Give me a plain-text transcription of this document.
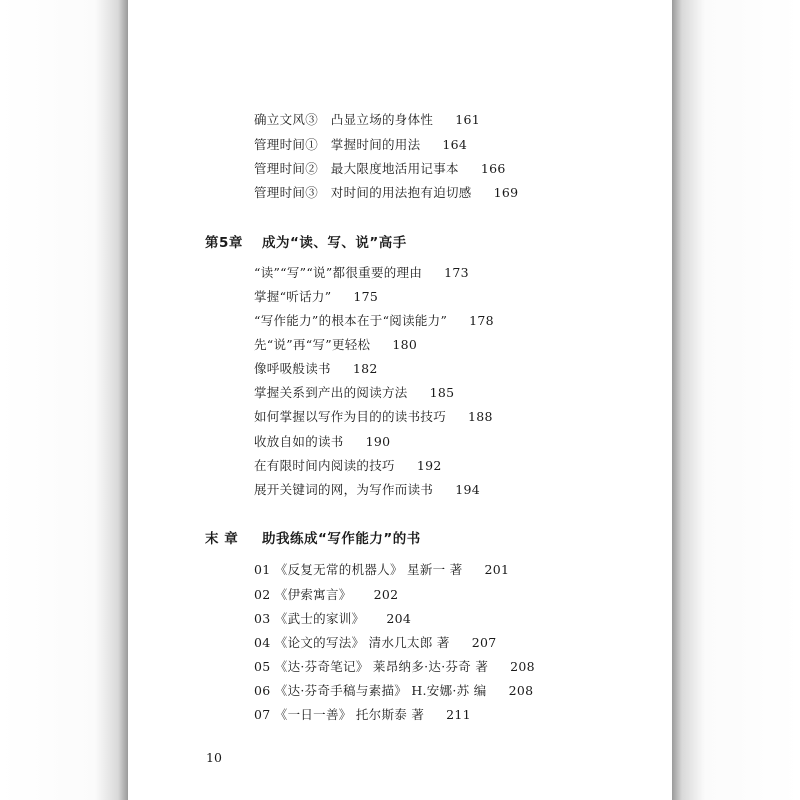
确立文风③　凸显立场的身体性 161
管理时间①　掌握时间的用法 164
管理时间②　最大限度地活用记事本 166
管理时间③　对时间的用法抱有迫切感 169
第5章 成为“读、写、说”高手
“读”“写”“说”都很重要的理由 173
掌握“听话力” 175
“写作能力”的根本在于“阅读能力” 178
先“说”再“写”更轻松 180
像呼吸般读书 182
掌握关系到产出的阅读方法 185
如何掌握以写作为目的的读书技巧 188
收放自如的读书 190
在有限时间内阅读的技巧 192
展开关键词的网，为写作而读书 194
末 章 助我练成“写作能力”的书
01 《反复无常的机器人》 星新一 著 201
02 《伊索寓言》 202
03 《武士的家训》 204
04 《论文的写法》 清水几太郎 著 207
05 《达·芬奇笔记》 莱昂纳多·达·芬奇 著 208
06 《达·芬奇手稿与素描》 H.安娜·苏 编 208
07 《一日一善》 托尔斯泰 著 211
10
